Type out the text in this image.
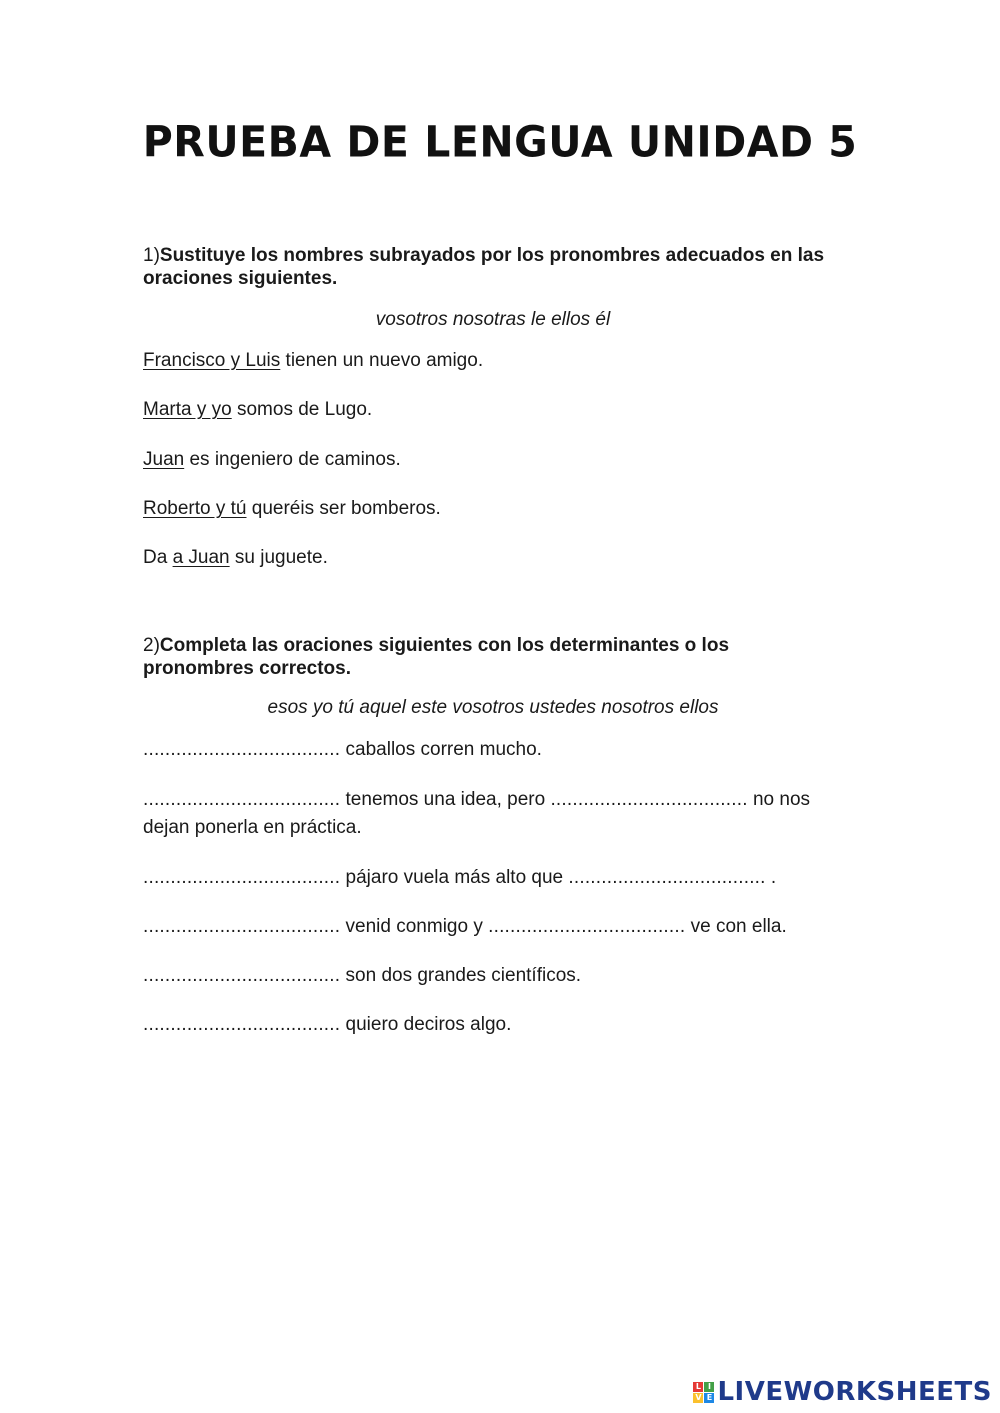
PRUEBA DE LENGUA UNIDAD 5

1)Sustituye los nombres subrayados por los pronombres adecuados en las oraciones siguientes.

vosotros nosotras le ellos él
Francisco y Luis tienen un nuevo amigo.
Marta y yo somos de Lugo.
Juan es ingeniero de caminos.
Roberto y tú queréis ser bomberos.
Da a Juan su juguete.

2)Completa las oraciones siguientes con los determinantes o los pronombres correctos.

esos yo tú aquel este vosotros ustedes nosotros ellos
.................................... caballos corren mucho.
.................................... tenemos una idea, pero .................................... no nos dejan ponerla en práctica.
.................................... pájaro vuela más alto que .................................... .
.................................... venid conmigo y .................................... ve con ella.
.................................... son dos grandes científicos.
.................................... quiero deciros algo.
L I
V E LIVEWORKSHEETS
